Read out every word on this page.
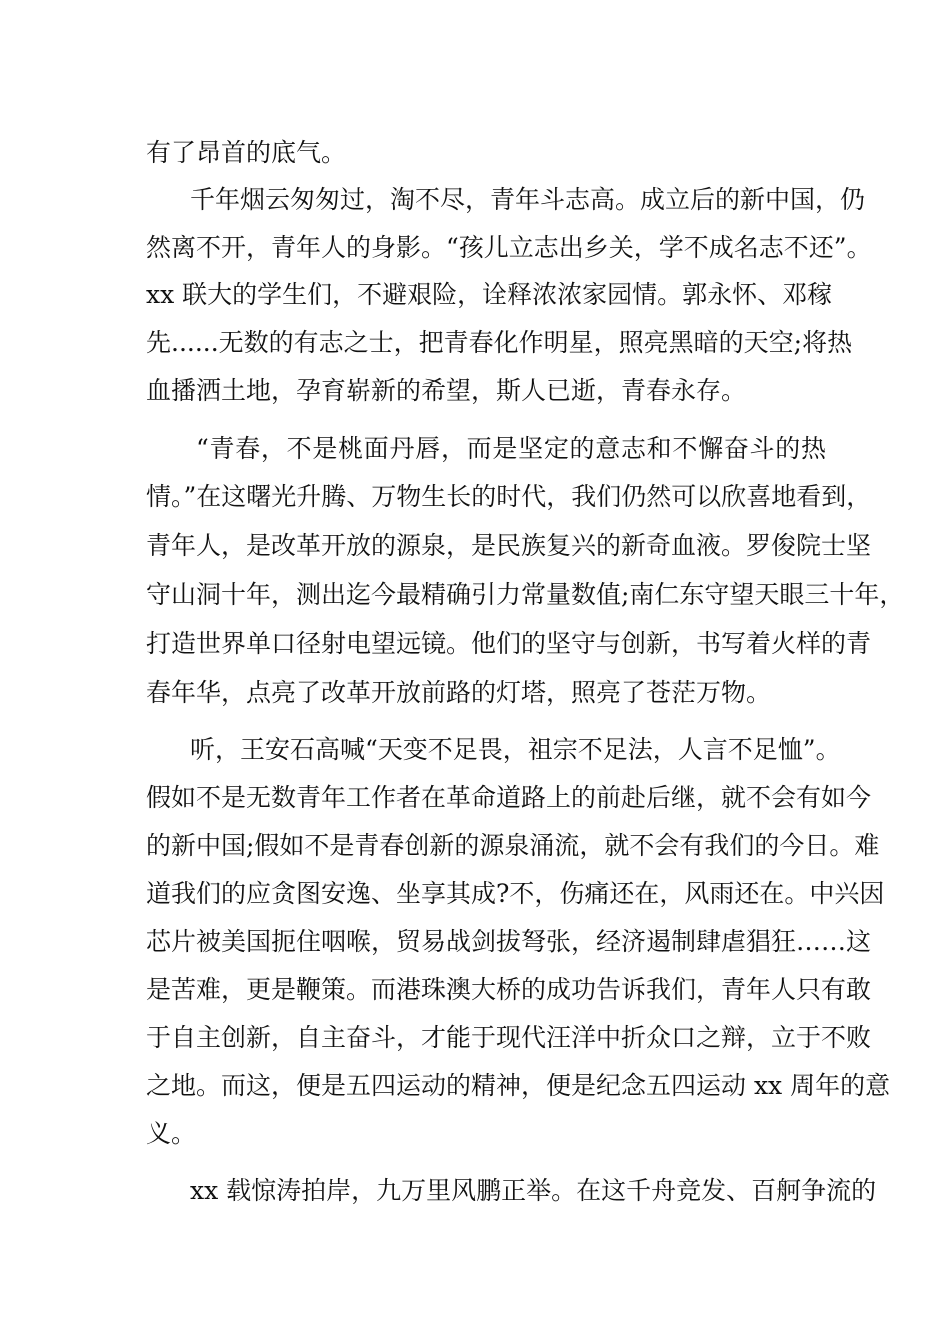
有了昂首的底气。
千年烟云匆匆过，淘不尽，青年斗志高。成立后的新中国，仍
然离不开，青年人的身影。“孩儿立志出乡关，学不成名志不还”。
xx 联大的学生们，不避艰险，诠释浓浓家园情。郭永怀、邓稼
先......无数的有志之士，把青春化作明星，照亮黑暗的天空;将热
血播洒土地，孕育崭新的希望，斯人已逝，青春永存。
“青春，不是桃面丹唇，而是坚定的意志和不懈奋斗的热
情。”在这曙光升腾、万物生长的时代，我们仍然可以欣喜地看到，
青年人，是改革开放的源泉，是民族复兴的新奇血液。罗俊院士坚
守山洞十年，测出迄今最精确引力常量数值;南仁东守望天眼三十年，
打造世界单口径射电望远镜。他们的坚守与创新，书写着火样的青
春年华，点亮了改革开放前路的灯塔，照亮了苍茫万物。
听，王安石高喊“天变不足畏，祖宗不足法，人言不足恤”。
假如不是无数青年工作者在革命道路上的前赴后继，就不会有如今
的新中国;假如不是青春创新的源泉涌流，就不会有我们的今日。难
道我们的应贪图安逸、坐享其成?不，伤痛还在，风雨还在。中兴因
芯片被美国扼住咽喉，贸易战剑拔弩张，经济遏制肆虐猖狂……这
是苦难，更是鞭策。而港珠澳大桥的成功告诉我们，青年人只有敢
于自主创新，自主奋斗，才能于现代汪洋中折众口之辩，立于不败
之地。而这，便是五四运动的精神，便是纪念五四运动 xx 周年的意
义。
xx 载惊涛拍岸，九万里风鹏正举。在这千舟竞发、百舸争流的
